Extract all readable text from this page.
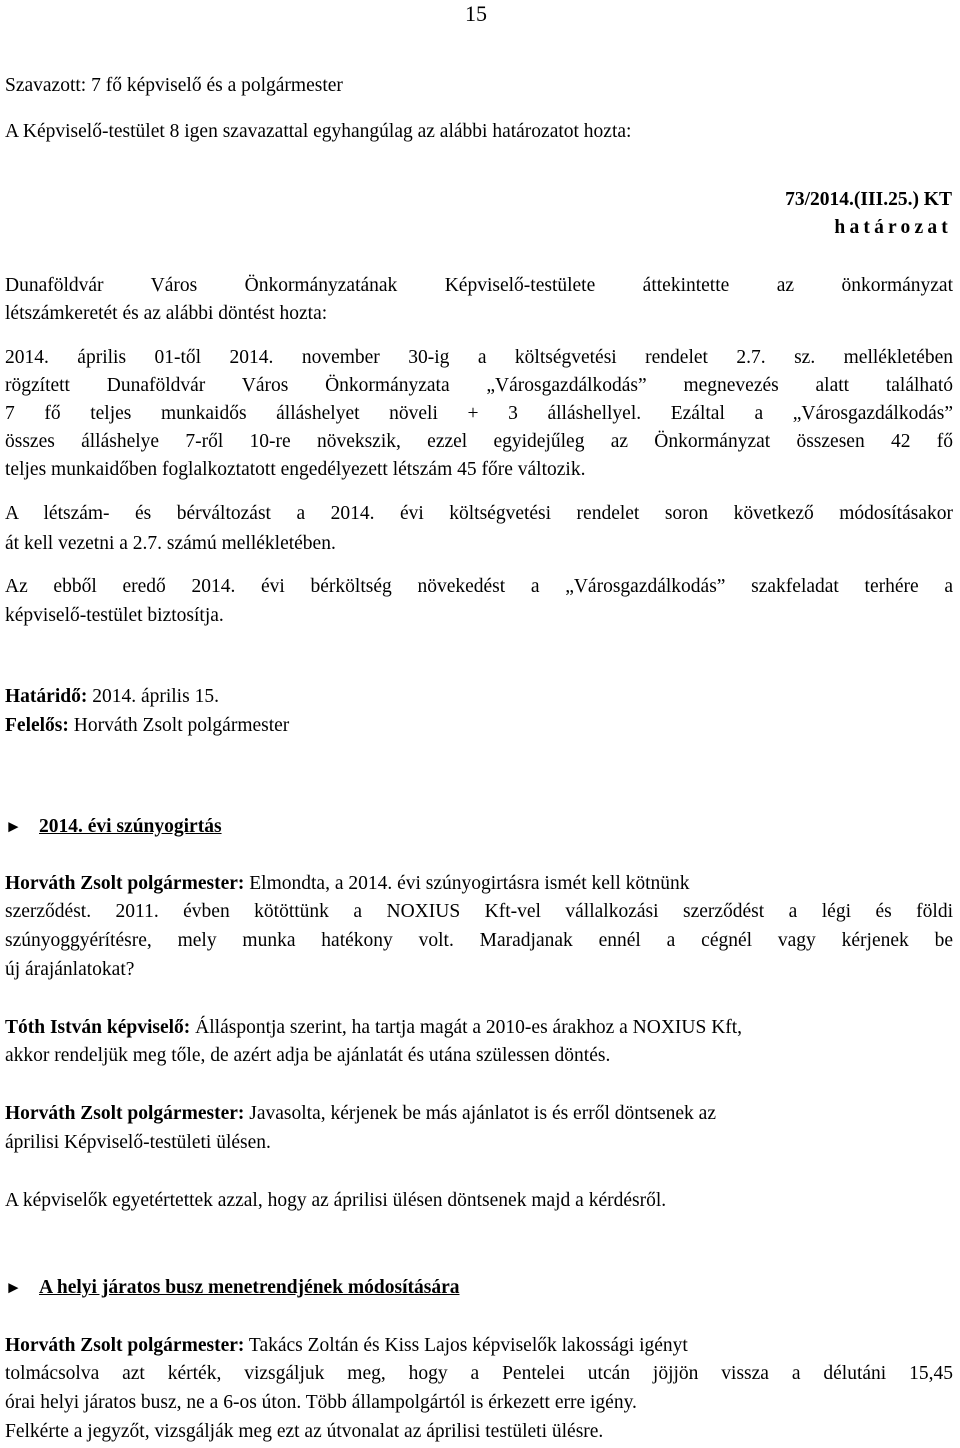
15
Szavazott: 7 fő képviselő és a polgármester
A Képviselő-testület 8 igen szavazattal egyhangúlag az alábbi határozatot hozta:
73/2014.(III.25.) KT
határozat
Dunaföldvár Város Önkormányzatának Képviselő-testülete áttekintette az önkormányzat
létszámkeretét és az alábbi döntést hozta:
2014. április 01-től 2014. november 30-ig a költségvetési rendelet 2.7. sz. mellékletében
rögzített Dunaföldvár Város Önkormányzata „Városgazdálkodás” megnevezés alatt található
7 fő teljes munkaidős álláshelyet növeli + 3 álláshellyel. Ezáltal a „Városgazdálkodás”
összes álláshelye 7-ről 10-re növekszik, ezzel egyidejűleg az Önkormányzat összesen 42 fő
teljes munkaidőben foglalkoztatott engedélyezett létszám 45 főre változik.
A létszám- és bérváltozást a 2014. évi költségvetési rendelet soron következő módosításakor
át kell vezetni a 2.7. számú mellékletében.
Az ebből eredő 2014. évi bérköltség növekedést a „Városgazdálkodás” szakfeladat terhére a
képviselő-testület biztosítja.
Határidő: 2014. április 15.
Felelős: Horváth Zsolt polgármester
► 2014. évi szúnyogirtás
Horváth Zsolt polgármester: Elmondta, a 2014. évi szúnyogirtásra ismét kell kötnünk
szerződést. 2011. évben kötöttünk a NOXIUS Kft-vel vállalkozási szerződést a légi és földi
szúnyoggyérítésre, mely munka hatékony volt. Maradjanak ennél a cégnél vagy kérjenek be
új árajánlatokat?
Tóth István képviselő: Álláspontja szerint, ha tartja magát a 2010-es árakhoz a NOXIUS Kft,
akkor rendeljük meg tőle, de azért adja be ajánlatát és utána szülessen döntés.
Horváth Zsolt polgármester: Javasolta, kérjenek be más ajánlatot is és erről döntsenek az
áprilisi Képviselő-testületi ülésen.
A képviselők egyetértettek azzal, hogy az áprilisi ülésen döntsenek majd a kérdésről.
► A helyi járatos busz menetrendjének módosítására
Horváth Zsolt polgármester: Takács Zoltán és Kiss Lajos képviselők lakossági igényt
tolmácsolva azt kérték, vizsgáljuk meg, hogy a Pentelei utcán jöjjön vissza a délutáni 15,45
órai helyi járatos busz, ne a 6-os úton. Több állampolgártól is érkezett erre igény.
Felkérte a jegyzőt, vizsgálják meg ezt az útvonalat az áprilisi testületi ülésre.
